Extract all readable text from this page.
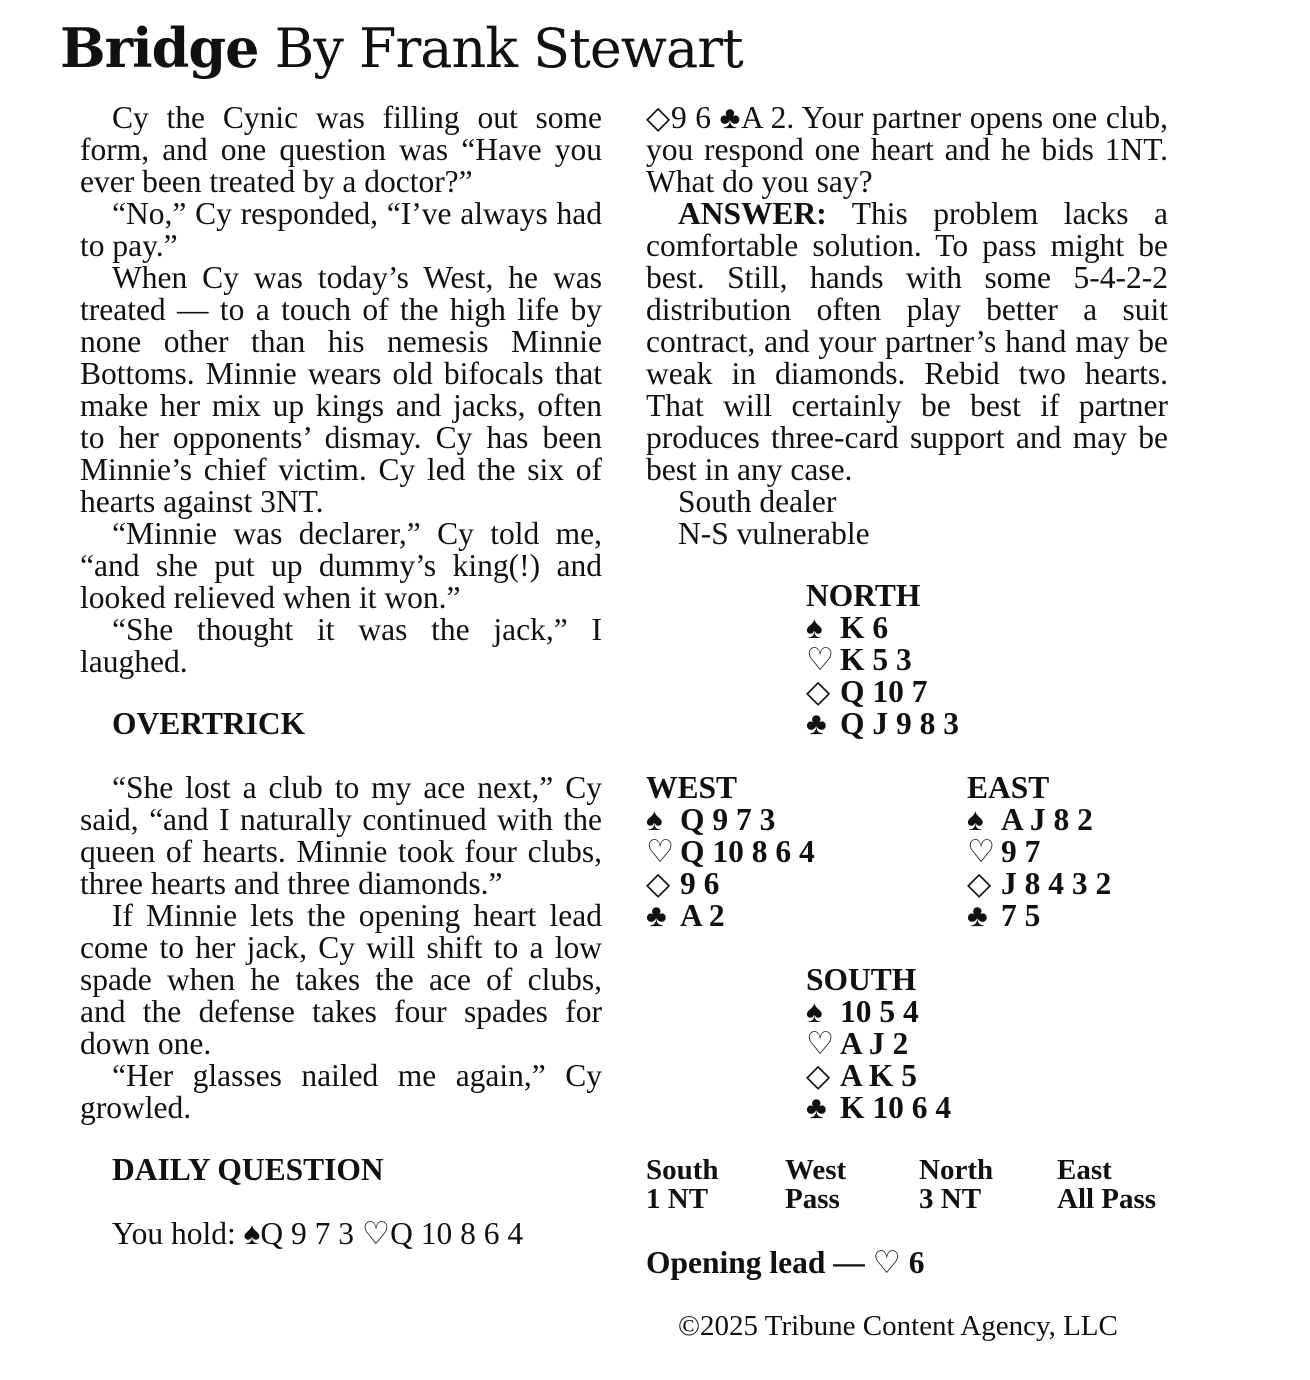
Bridge By Frank Stewart

Cy the Cynic was filling out some form, and one question was “Have you ever been treated by a doctor?”

“No,” Cy responded, “I’ve always had to pay.”

When Cy was today’s West, he was treated — to a touch of the high life by none other than his nemesis Minnie Bottoms. Minnie wears old bifocals that make her mix up kings and jacks, often to her opponents’ dismay. Cy has been Minnie’s chief victim. Cy led the six of hearts against 3NT.

“Minnie was declarer,” Cy told me, “and she put up dummy’s king(!) and looked relieved when it won.”

“She thought it was the jack,” I laughed.

OVERTRICK

“She lost a club to my ace next,” Cy said, “and I naturally continued with the queen of hearts. Minnie took four clubs, three hearts and three diamonds.”

If Minnie lets the opening heart lead come to her jack, Cy will shift to a low spade when he takes the ace of clubs, and the defense takes four spades for down one.

“Her glasses nailed me again,” Cy growled.

DAILY QUESTION

You hold: ♠Q 9 7 3 ♡Q 10 8 6 4

◇9 6 ♣A 2. Your partner opens one club, you respond one heart and he bids 1NT. What do you say?

ANSWER: This problem lacks a comfortable solution. To pass might be best. Still, hands with some 5-4-2-2 distribution often play better a suit contract, and your partner’s hand may be weak in diamonds. Rebid two hearts. That will certainly be best if partner produces three-card support and may be best in any case.

South dealer

N-S vulnerable

NORTH
♠ K 6
♡ K 5 3
◇ Q 10 7
♣ Q J 9 8 3
WEST
♠ Q 9 7 3
♡ Q 10 8 6 4
◇ 9 6
♣ A 2
EAST
♠ A J 8 2
♡ 9 7
◇ J 8 4 3 2
♣ 7 5
SOUTH
♠ 10 5 4
♡ A J 2
◇ A K 5
♣ K 10 6 4
South
1 NT
West
Pass
North
3 NT
East
All Pass
Opening lead — ♡ 6
©2025 Tribune Content Agency, LLC
